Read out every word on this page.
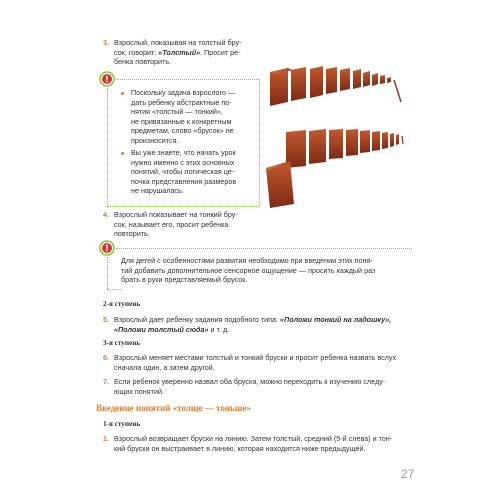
3. Взрослый, показывая на толстый бру-
сок, говорит: «Толстый». Просит ре-
бенка повторить.
Поскольку задача взрослого —
дать ребенку абстрактные по-
нятия «толстый — тонкий»,
не привязанные к конкретным
предметам, слово «брусок» не
произносится.
Вы уже знаете, что начать урок
нужно именно с этих основных
понятий, чтобы логическая це-
почка представления размеров
не нарушалась.
4. Взрослый показывает на тонкий бру-
сок, называет его, просит ребенка
повторить.
Для детей с особенностями развития необходимо при введении этих поня-
тий добавить дополнительное сенсорное ощущение — просить каждый раз
брать в руки представляемый брусок.
2-я ступень
5. Взрослый дает ребенку задания подобного типа: «Положи тонкий на ладошку»,
«Положи толстый сюда» и т. д.
3-я ступень
6. Взрослый меняет местами толстый и тонкий бруски и просит ребенка назвать вслух
сначала один, а затем другой.
7. Если ребенок уверенно назвал оба бруска, можно переходить к изучению следу-
ющих понятий.
Введение понятий «толще — тоньше»
1-я ступень
1. Взрослый возвращает бруски на линию. Затем толстый, средний (5-й слева) и тон-
кий бруски он выстраивает в линию, которая находится ниже предыдущей.
27
